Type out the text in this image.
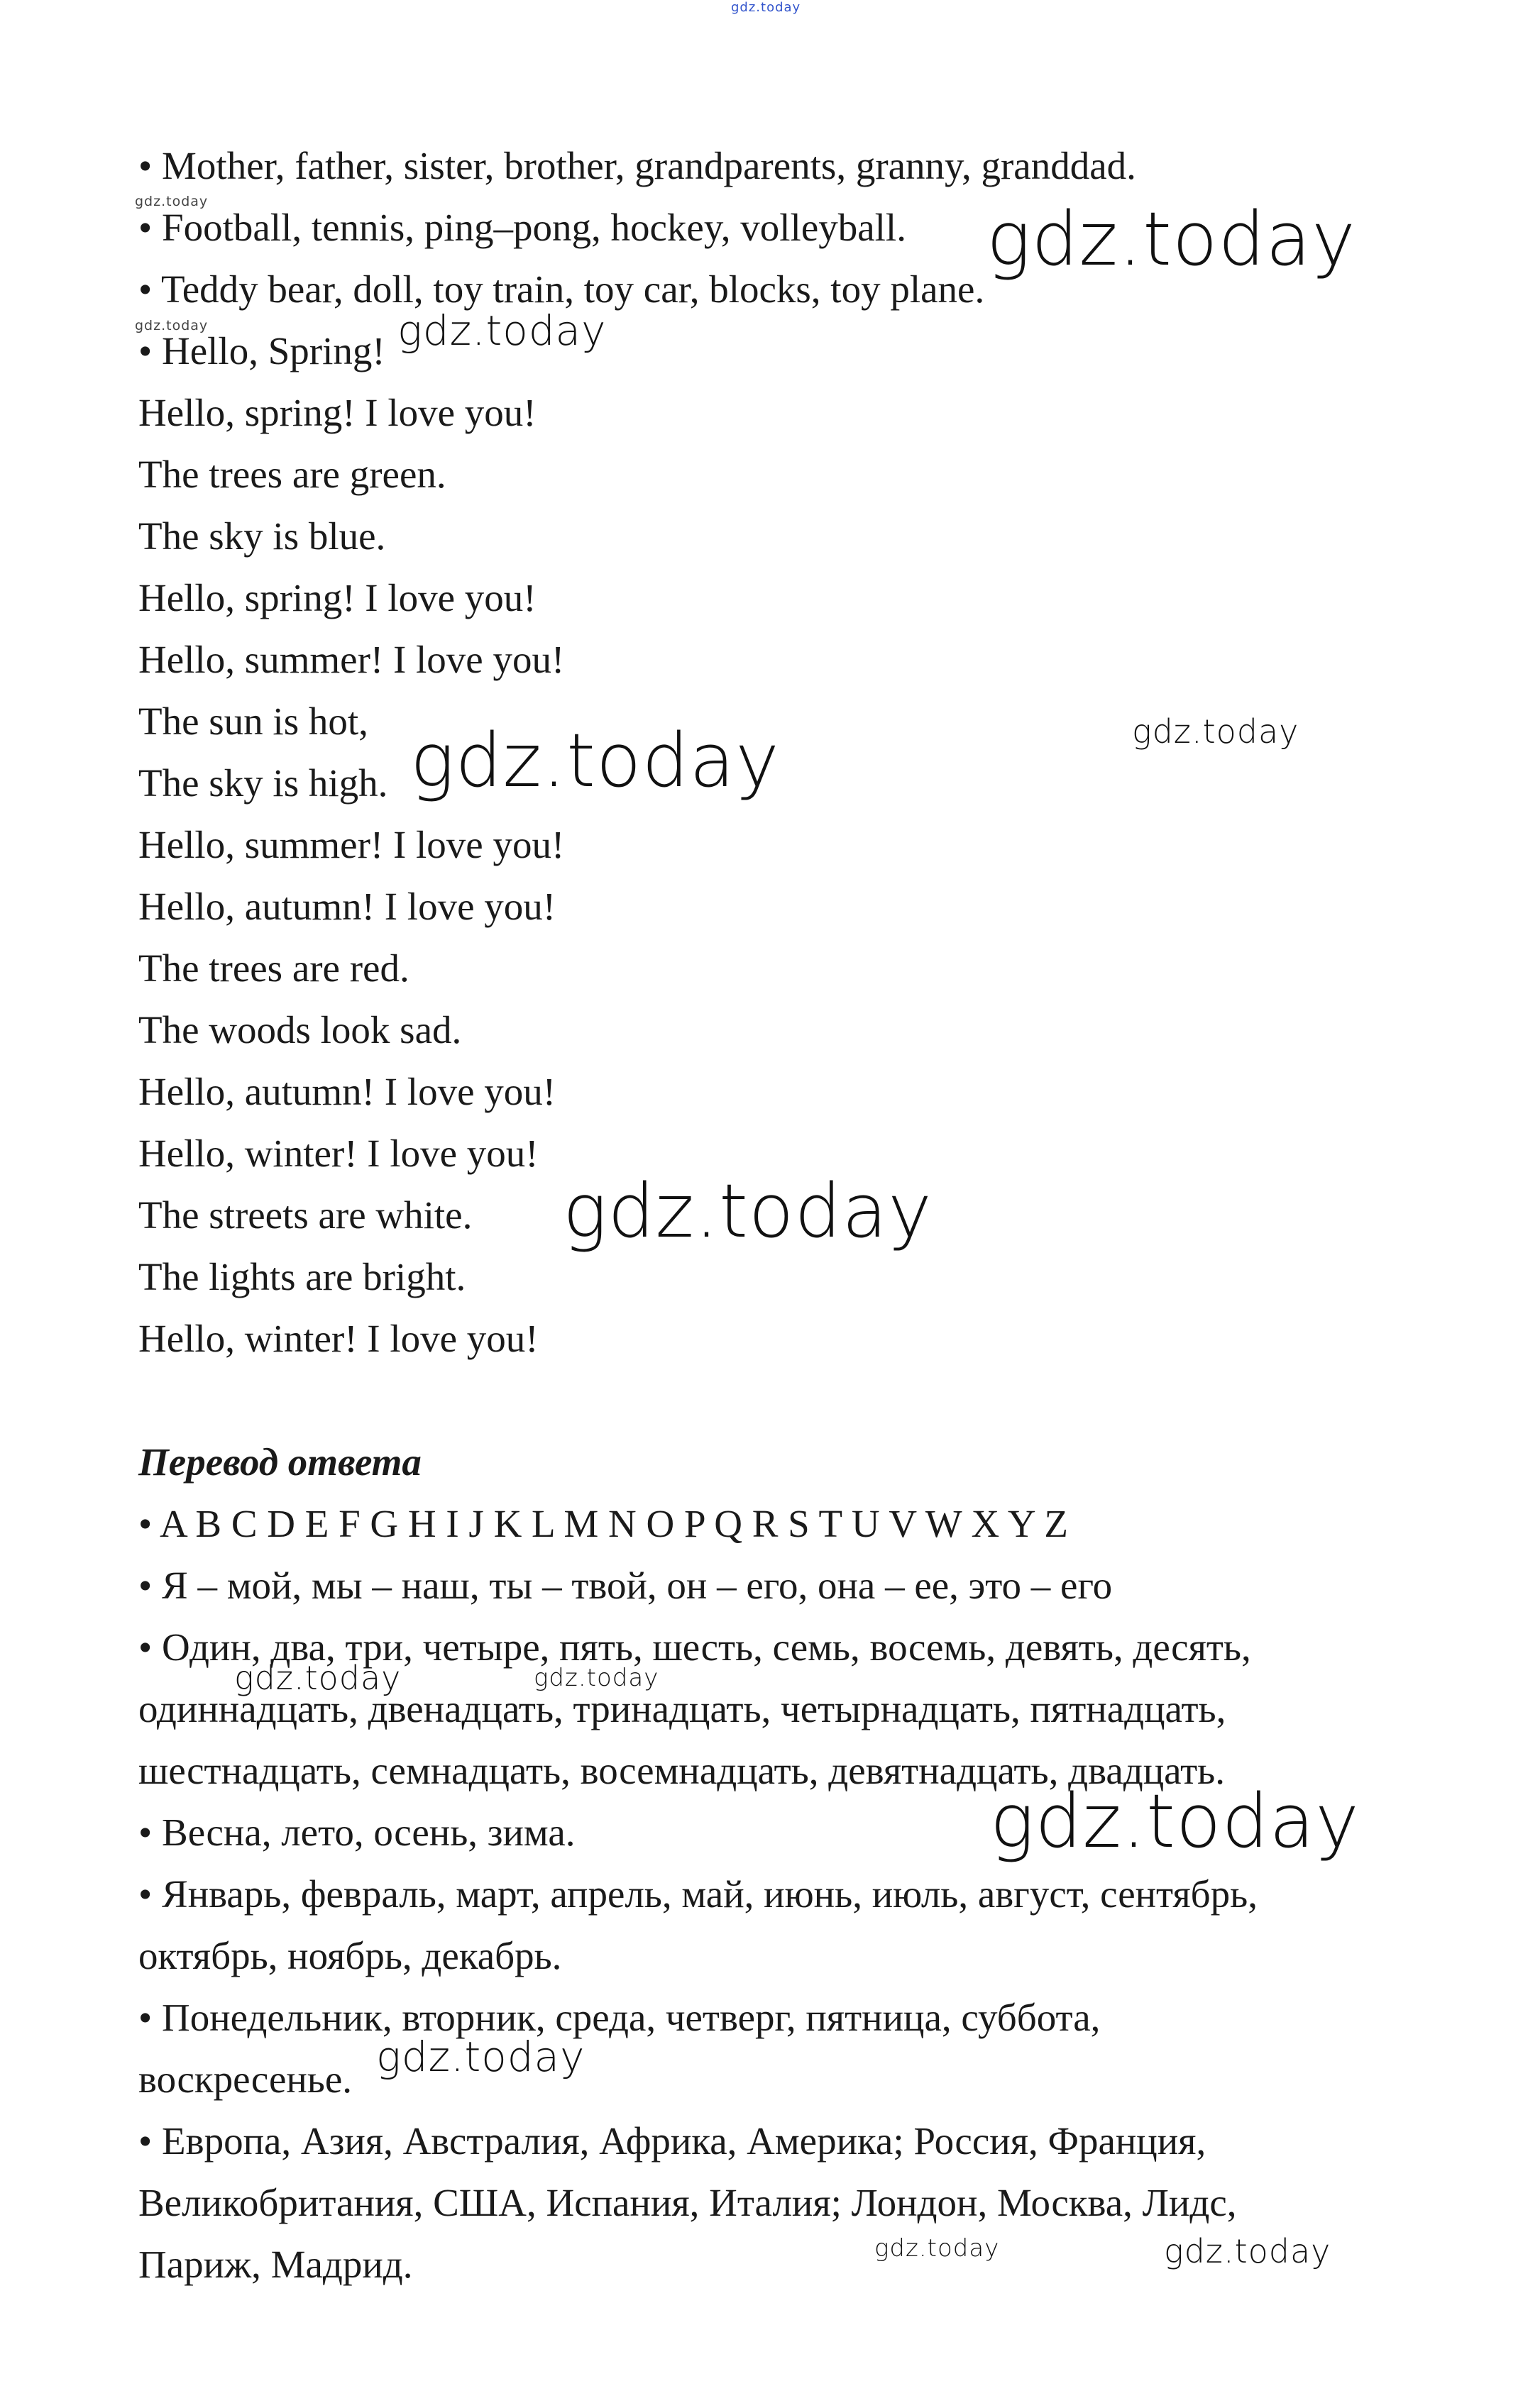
• Mother, father, sister, brother, grandparents, granny, granddad.
• Football, tennis, ping–pong, hockey, volleyball.
• Teddy bear, doll, toy train, toy car, blocks, toy plane.
• Hello, Spring!
Hello, spring! I love you!
The trees are green.
The sky is blue.
Hello, spring! I love you!
Hello, summer! I love you!
The sun is hot,
The sky is high.
Hello, summer! I love you!
Hello, autumn! I love you!
The trees are red.
The woods look sad.
Hello, autumn! I love you!
Hello, winter! I love you!
The streets are white.
The lights are bright.
Hello, winter! I love you!
Перевод ответа
• A B C D E F G H I J K L M N O P Q R S T U V W X Y Z
• Я – мой, мы – наш, ты – твой, он – его, она – ее, это – его
• Один, два, три, четыре, пять, шесть, семь, восемь, девять, десять,
одиннадцать, двенадцать, тринадцать, четырнадцать, пятнадцать,
шестнадцать, семнадцать, восемнадцать, девятнадцать, двадцать.
• Весна, лето, осень, зима.
• Январь, февраль, март, апрель, май, июнь, июль, август, сентябрь,
октябрь, ноябрь, декабрь.
• Понедельник, вторник, среда, четверг, пятница, суббота,
воскресенье.
• Европа, Азия, Австралия, Африка, Америка; Россия, Франция,
Великобритания, США, Испания, Италия; Лондон, Москва, Лидс,
Париж, Мадрид.
gdz.today
gdz.today	gdz.today
gdz.today	gdz.today
gdz.today
gdz.today
gdz.today
gdz.today	gdz.today
gdz.today
gdz.today
gdz.today	gdz.today
